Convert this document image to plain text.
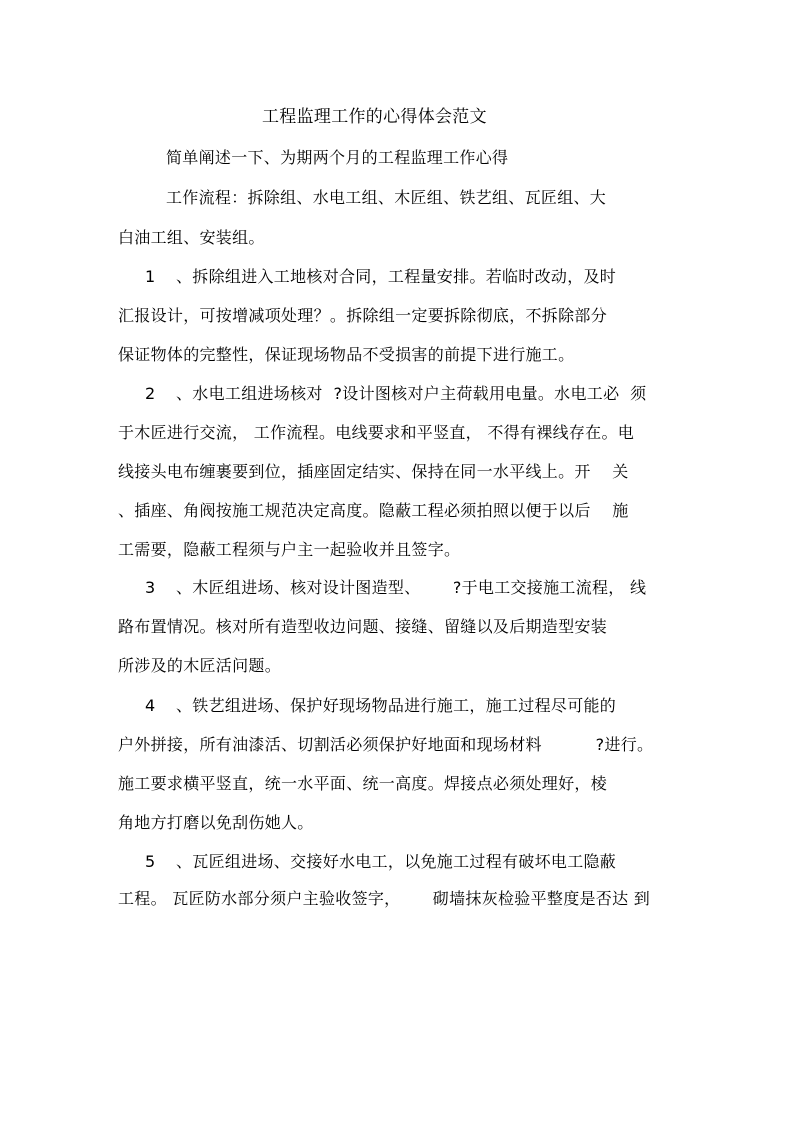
工程监理工作的心得体会范文
简单阐述一下、为期两个月的工程监理工作心得
工作流程：拆除组、水电工组、木匠组、铁艺组、瓦匠组、大
白油工组、安装组。
1 、拆除组进入工地核对合同，工程量安排。若临时改动，及时
汇报设计，可按增减项处理？。拆除组一定要拆除彻底，不拆除部分
保证物体的完整性，保证现场物品不受损害的前提下进行施工。
2 、水电工组进场核对  ?设计图核对户主荷载用电量。水电工必  须
于木匠进行交流， 工作流程。电线要求和平竖直， 不得有裸线存在。电
线接头电布缠裹要到位，插座固定结实、保持在同一水平线上。开    关
、插座、角阀按施工规范决定高度。隐蔽工程必须拍照以便于以后    施
工需要，隐蔽工程须与户主一起验收并且签字。
3 、木匠组进场、核对设计图造型、      ?于电工交接施工流程， 线
路布置情况。核对所有造型收边问题、接缝、留缝以及后期造型安装
所涉及的木匠活问题。
4 、铁艺组进场、保护好现场物品进行施工，施工过程尽可能的
户外拼接，所有油漆活、切割活必须保护好地面和现场材料          ?进行。
施工要求横平竖直，统一水平面、统一高度。焊接点必须处理好，棱
角地方打磨以免刮伤她人。
5 、瓦匠组进场、交接好水电工，以免施工过程有破坏电工隐蔽
工程。 瓦匠防水部分须户主验收签字，      砌墙抹灰检验平整度是否达 到
